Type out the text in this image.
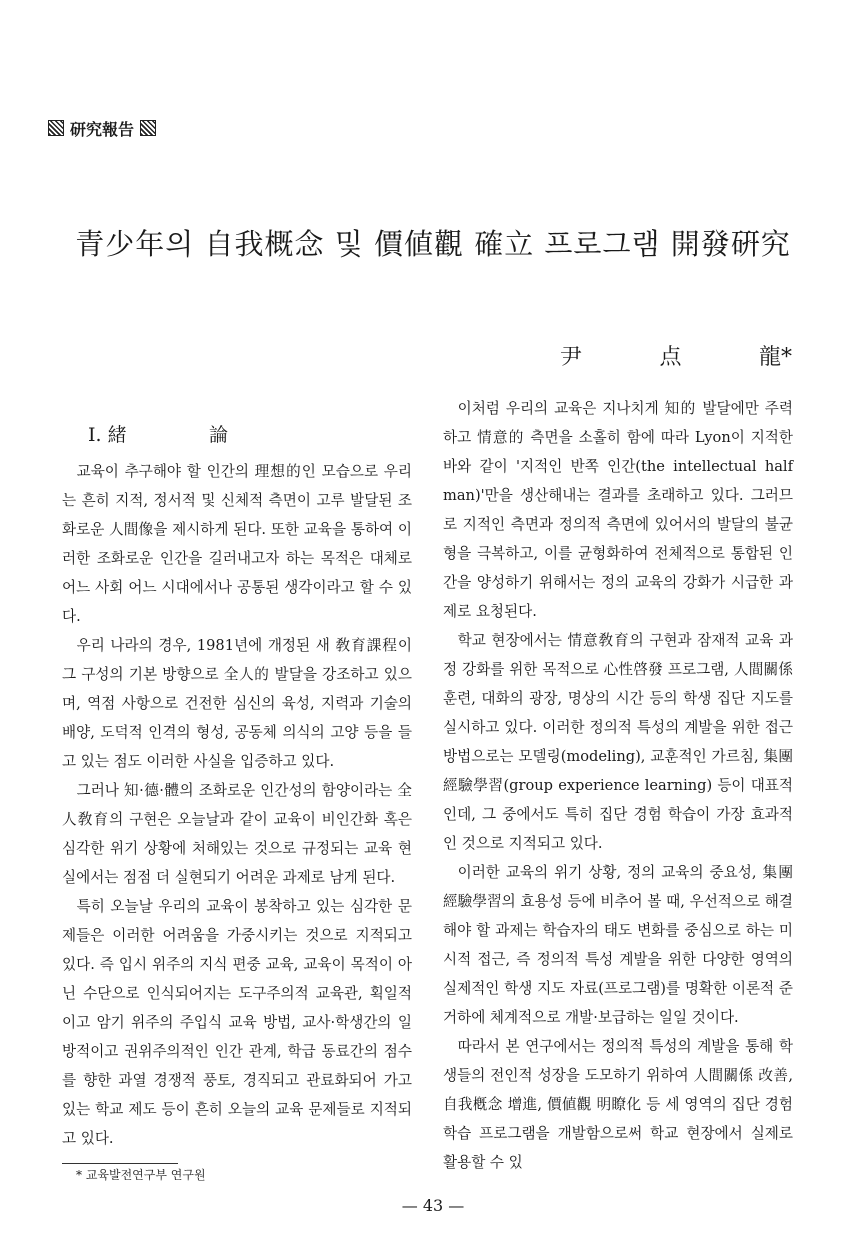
研究報告
青少年의 自我概念 및 價値觀 確立 프로그램 開發硏究
尹	点	龍*
I. 緒	論

교육이 추구해야 할 인간의 理想的인 모습으로 우리는 흔히 지적, 정서적 및 신체적 측면이 고루 발달된 조화로운 人間像을 제시하게 된다. 또한 교육을 통하여 이러한 조화로운 인간을 길러내고자 하는 목적은 대체로 어느 사회 어느 시대에서나 공통된 생각이라고 할 수 있다.

우리 나라의 경우, 1981년에 개정된 새 敎育課程이 그 구성의 기본 방향으로 全人的 발달을 강조하고 있으며, 역점 사항으로 건전한 심신의 육성, 지력과 기술의 배양, 도덕적 인격의 형성, 공동체 의식의 고양 등을 들고 있는 점도 이러한 사실을 입증하고 있다.

그러나 知·德·體의 조화로운 인간성의 함양이라는 全人敎育의 구현은 오늘날과 같이 교육이 비인간화 혹은 심각한 위기 상황에 처해있는 것으로 규정되는 교육 현실에서는 점점 더 실현되기 어려운 과제로 남게 된다.

특히 오늘날 우리의 교육이 봉착하고 있는 심각한 문제들은 이러한 어려움을 가중시키는 것으로 지적되고 있다. 즉 입시 위주의 지식 편중 교육, 교육이 목적이 아닌 수단으로 인식되어지는 도구주의적 교육관, 획일적이고 암기 위주의 주입식 교육 방법, 교사·학생간의 일방적이고 권위주의적인 인간 관계, 학급 동료간의 점수를 향한 과열 경쟁적 풍토, 경직되고 관료화되어 가고 있는 학교 제도 등이 흔히 오늘의 교육 문제들로 지적되고 있다.

이처럼 우리의 교육은 지나치게 知的 발달에만 주력하고 情意的 측면을 소홀히 함에 따라 Lyon이 지적한 바와 같이 '지적인 반쪽 인간(the intellectual half man)'만을 생산해내는 결과를 초래하고 있다. 그러므로 지적인 측면과 정의적 측면에 있어서의 발달의 불균형을 극복하고, 이를 균형화하여 전체적으로 통합된 인간을 양성하기 위해서는 정의 교육의 강화가 시급한 과제로 요청된다.

학교 현장에서는 情意敎育의 구현과 잠재적 교육 과정 강화를 위한 목적으로 心性啓發 프로그램, 人間關係 훈련, 대화의 광장, 명상의 시간 등의 학생 집단 지도를 실시하고 있다. 이러한 정의적 특성의 계발을 위한 접근 방법으로는 모델링(modeling), 교훈적인 가르침, 集團經驗學習(group experience learning) 등이 대표적인데, 그 중에서도 특히 집단 경험 학습이 가장 효과적인 것으로 지적되고 있다.

이러한 교육의 위기 상황, 정의 교육의 중요성, 集團經驗學習의 효용성 등에 비추어 볼 때, 우선적으로 해결해야 할 과제는 학습자의 태도 변화를 중심으로 하는 미시적 접근, 즉 정의적 특성 계발을 위한 다양한 영역의 실제적인 학생 지도 자료(프로그램)를 명확한 이론적 준거하에 체계적으로 개발·보급하는 일일 것이다.

따라서 본 연구에서는 정의적 특성의 계발을 통해 학생들의 전인적 성장을 도모하기 위하여 人間關係 改善, 自我槪念 增進, 價値觀 明瞭化 등 세 영역의 집단 경험 학습 프로그램을 개발함으로써 학교 현장에서 실제로 활용할 수 있

* 교육발전연구부 연구원
— 43 —
